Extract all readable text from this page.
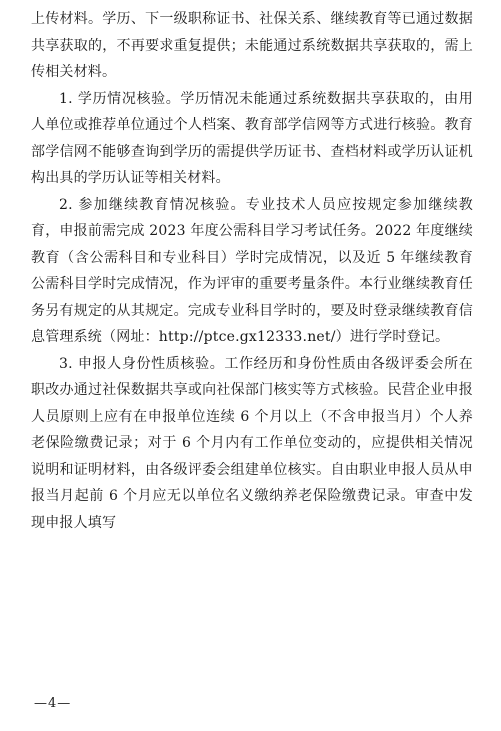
上传材料。学历、下一级职称证书、社保关系、继续教育等已通过数据共享获取的，不再要求重复提供；未能通过系统数据共享获取的，需上传相关材料。

1. 学历情况核验。学历情况未能通过系统数据共享获取的，由用人单位或推荐单位通过个人档案、教育部学信网等方式进行核验。教育部学信网不能够查询到学历的需提供学历证书、查档材料或学历认证机构出具的学历认证等相关材料。

2. 参加继续教育情况核验。专业技术人员应按规定参加继续教育，申报前需完成 2023 年度公需科目学习考试任务。2022 年度继续教育（含公需科目和专业科目）学时完成情况，以及近 5 年继续教育公需科目学时完成情况，作为评审的重要考量条件。本行业继续教育任务另有规定的从其规定。完成专业科目学时的，要及时登录继续教育信息管理系统（网址：http://ptce.gx12333.net/）进行学时登记。

3. 申报人身份性质核验。工作经历和身份性质由各级评委会所在职改办通过社保数据共享或向社保部门核实等方式核验。民营企业申报人员原则上应有在申报单位连续 6 个月以上（不含申报当月）个人养老保险缴费记录；对于 6 个月内有工作单位变动的，应提供相关情况说明和证明材料，由各级评委会组建单位核实。自由职业申报人员从申报当月起前 6 个月应无以单位名义缴纳养老保险缴费记录。审查中发现申报人填写

—4—
